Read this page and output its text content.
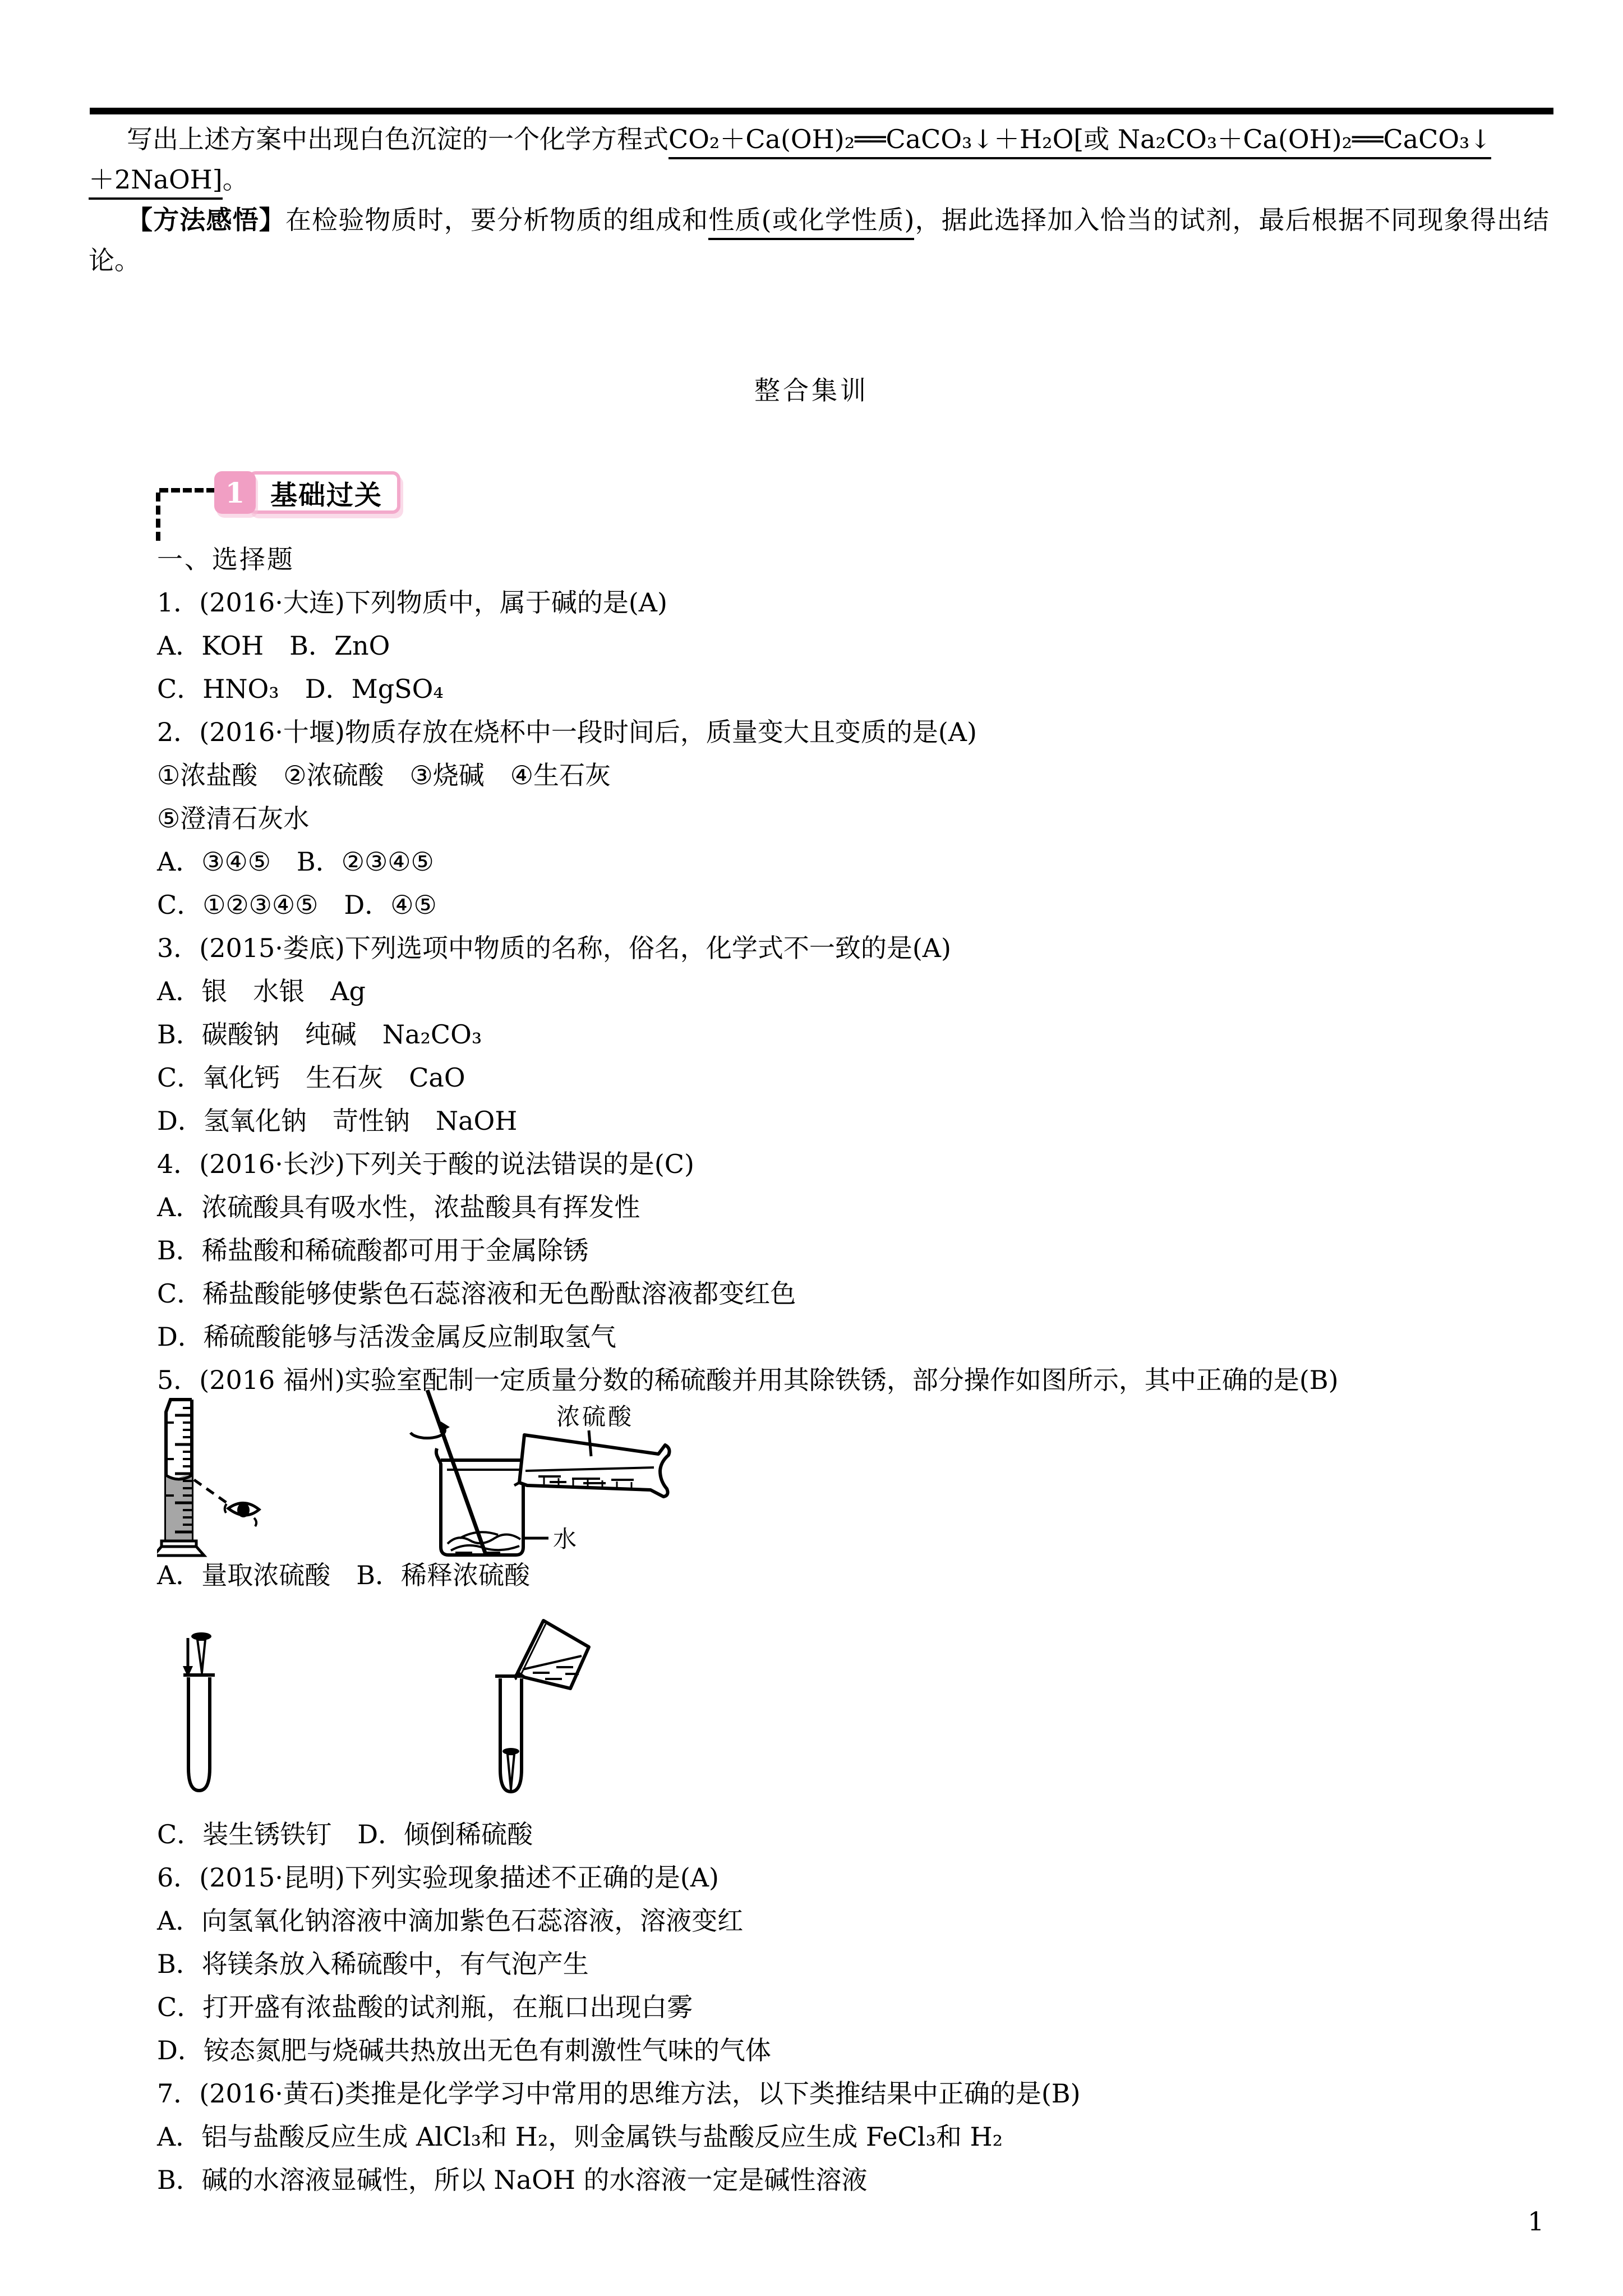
写出上述方案中出现白色沉淀的一个化学方程式CO₂＋Ca(OH)₂══CaCO₃↓＋H₂O[或 Na₂CO₃＋Ca(OH)₂══CaCO₃↓
＋2NaOH]。
【方法感悟】在检验物质时，要分析物质的组成和性质(或化学性质)，据此选择加入恰当的试剂，最后根据不同现象得出结论。
整合集训
1 基础过关
一、选择题
1．(2016·大连)下列物质中，属于碱的是(A)
A．KOH　B．ZnO
C．HNO₃　D．MgSO₄
2．(2016·十堰)物质存放在烧杯中一段时间后，质量变大且变质的是(A)
①浓盐酸　②浓硫酸　③烧碱　④生石灰
⑤澄清石灰水
A．③④⑤　B．②③④⑤
C．①②③④⑤　D．④⑤
3．(2015·娄底)下列选项中物质的名称，俗名，化学式不一致的是(A)
A．银　水银　Ag
B．碳酸钠　纯碱　Na₂CO₃
C．氧化钙　生石灰　CaO
D．氢氧化钠　苛性钠　NaOH
4．(2016·长沙)下列关于酸的说法错误的是(C)
A．浓硫酸具有吸水性，浓盐酸具有挥发性
B．稀盐酸和稀硫酸都可用于金属除锈
C．稀盐酸能够使紫色石蕊溶液和无色酚酞溶液都变红色
D．稀硫酸能够与活泼金属反应制取氢气
5．(2016 福州)实验室配制一定质量分数的稀硫酸并用其除铁锈，部分操作如图所示，其中正确的是(B)
浓硫酸
水
A．量取浓硫酸　B．稀释浓硫酸
C．装生锈铁钉　D．倾倒稀硫酸
6．(2015·昆明)下列实验现象描述不正确的是(A)
A．向氢氧化钠溶液中滴加紫色石蕊溶液，溶液变红
B．将镁条放入稀硫酸中，有气泡产生
C．打开盛有浓盐酸的试剂瓶，在瓶口出现白雾
D．铵态氮肥与烧碱共热放出无色有刺激性气味的气体
7．(2016·黄石)类推是化学学习中常用的思维方法，以下类推结果中正确的是(B)
A．铝与盐酸反应生成 AlCl₃和 H₂，则金属铁与盐酸反应生成 FeCl₃和 H₂
B．碱的水溶液显碱性，所以 NaOH 的水溶液一定是碱性溶液
1
